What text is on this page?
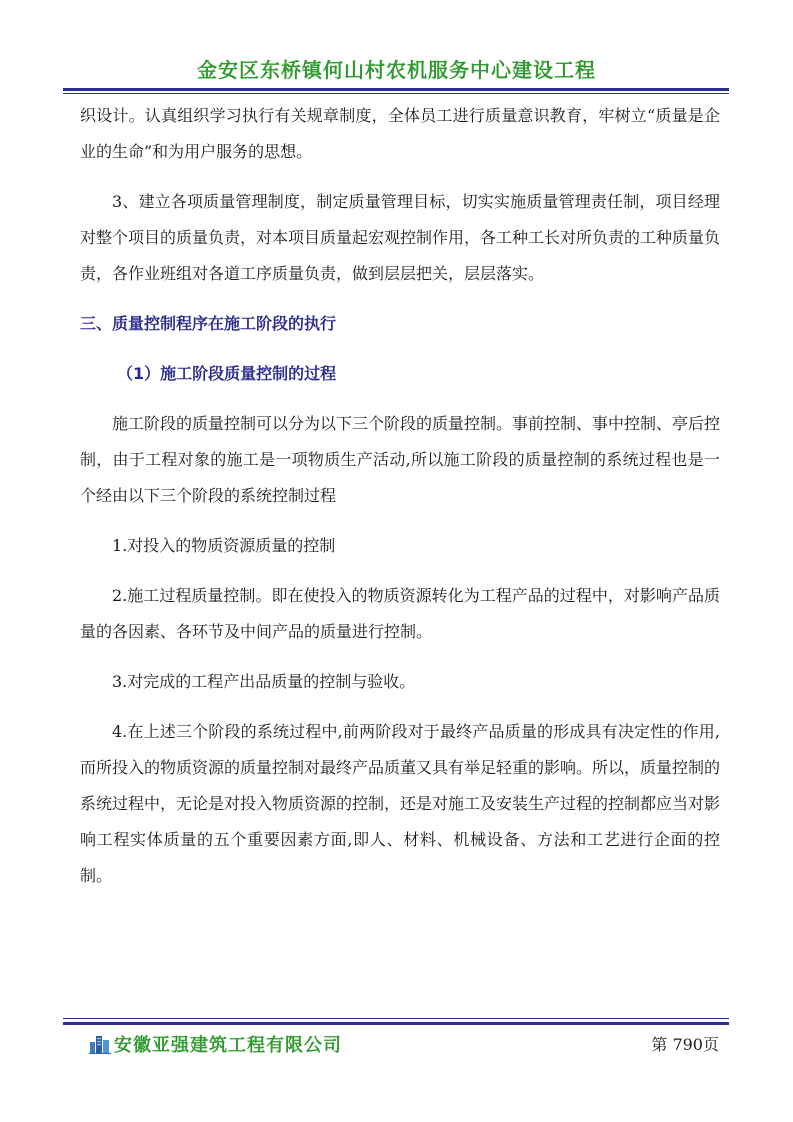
金安区东桥镇何山村农机服务中心建设工程

织设计。认真组织学习执行有关规章制度，全体员工进行质量意识教育，牢树立“质量是企业的生命”和为用户服务的思想。

3、建立各项质量管理制度，制定质量管理目标，切实实施质量管理责任制，项目经理对整个项目的质量负责，对本项目质量起宏观控制作用，各工种工长对所负责的工种质量负责，各作业班组对各道工序质量负责，做到层层把关，层层落实。

三、质量控制程序在施工阶段的执行

（1）施工阶段质量控制的过程

施工阶段的质量控制可以分为以下三个阶段的质量控制。事前控制、事中控制、亭后控制，由于工程对象的施工是一项物质生产活动,所以施工阶段的质量控制的系统过程也是一个经由以下三个阶段的系统控制过程

1.对投入的物质资源质量的控制

2.施工过程质量控制。即在使投入的物质资源转化为工程产品的过程中，对影响产品质量的各因素、各环节及中间产品的质量进行控制。

3.对完成的工程产出品质量的控制与验收。

4.在上述三个阶段的系统过程中,前两阶段对于最终产品质量的形成具有决定性的作用,而所投入的物质资源的质量控制对最终产品质董又具有举足轻重的影响。所以，质量控制的系统过程中，无论是对投入物质资源的控制，还是对施工及安装生产过程的控制都应当对影响工程实体质量的五个重要因素方面,即人、材料、机械设备、方法和工艺进行企面的控制。

安徽亚强建筑工程有限公司	第 790页
